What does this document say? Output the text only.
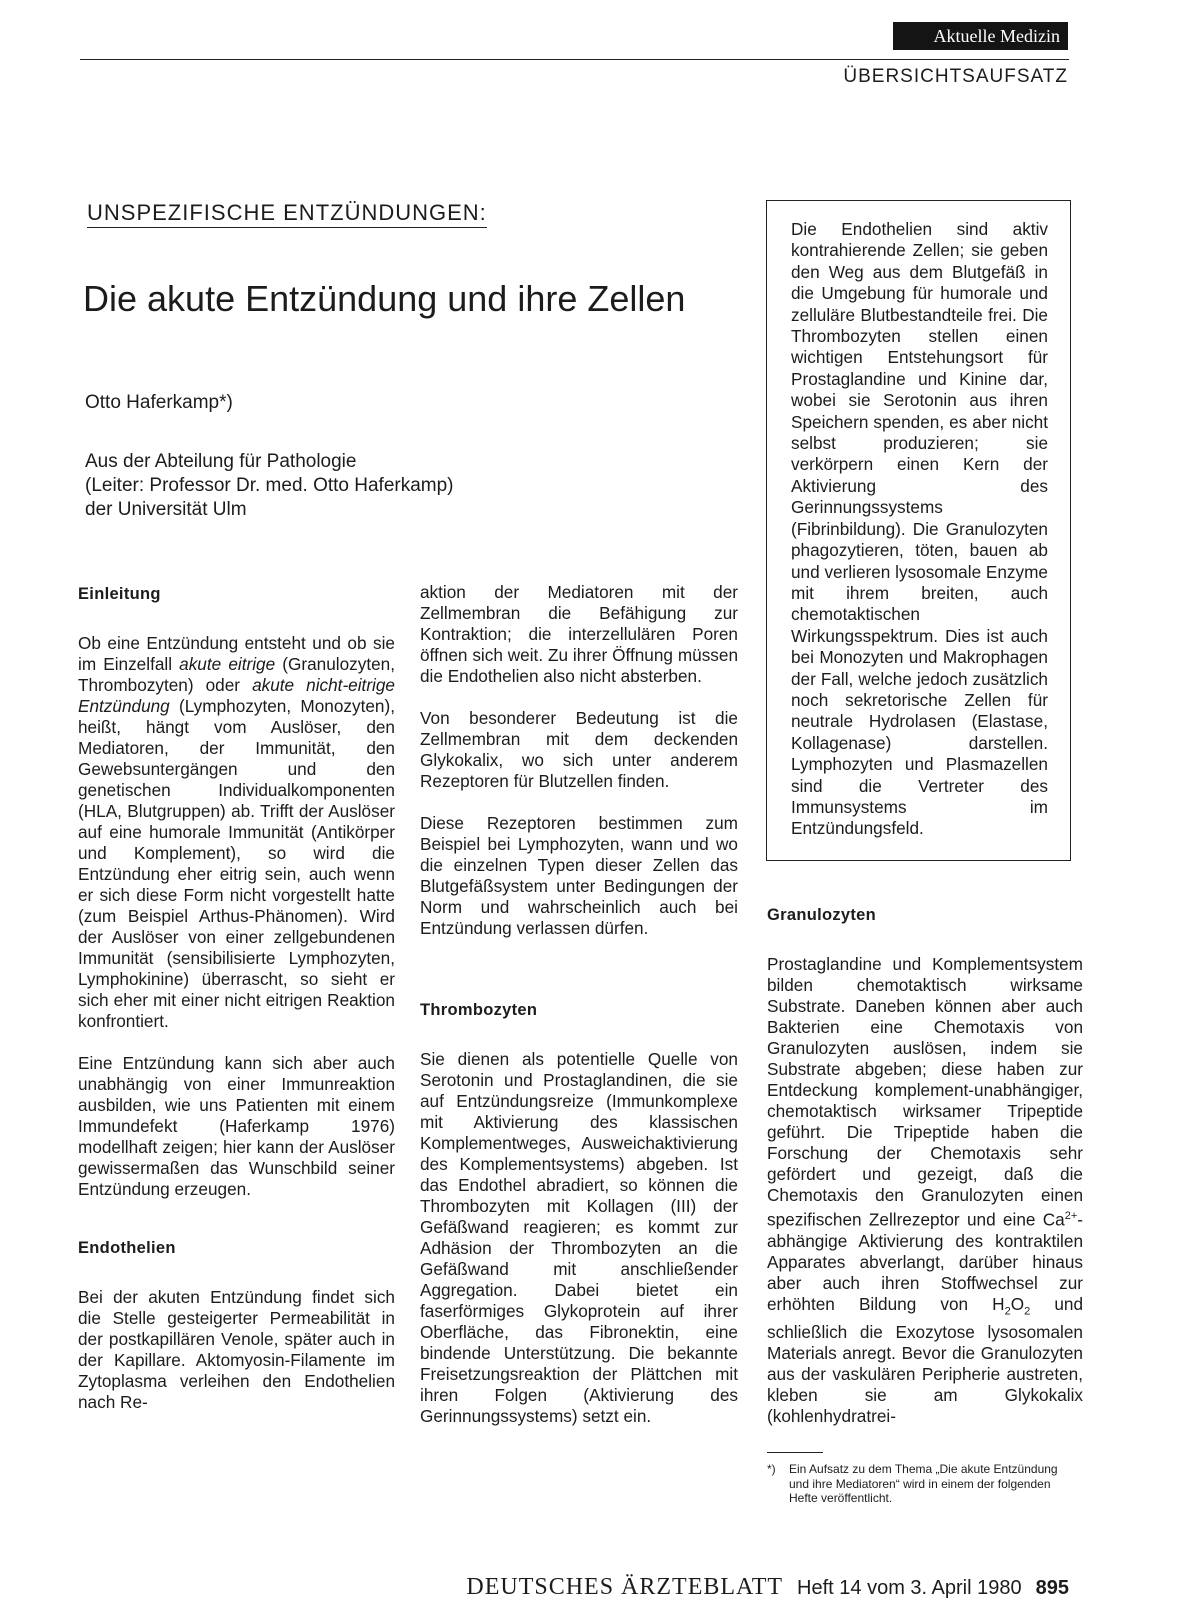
Aktuelle Medizin
ÜBERSICHTSAUFSATZ
UNSPEZIFISCHE ENTZÜNDUNGEN:
Die akute Entzündung und ihre Zellen
Otto Haferkamp*)
Aus der Abteilung für Pathologie
(Leiter: Professor Dr. med. Otto Haferkamp)
der Universität Ulm
Die Endothelien sind aktiv kontrahierende Zellen; sie geben den Weg aus dem Blutgefäß in die Umgebung für humorale und zelluläre Blutbestandteile frei. Die Thrombozyten stellen einen wichtigen Entstehungsort für Prostaglandine und Kinine dar, wobei sie Serotonin aus ihren Speichern spenden, es aber nicht selbst produzieren; sie verkörpern einen Kern der Aktivierung des Gerinnungssystems (Fibrinbildung). Die Granulozyten phagozytieren, töten, bauen ab und verlieren lysosomale Enzyme mit ihrem breiten, auch chemotaktischen Wirkungsspektrum. Dies ist auch bei Monozyten und Makrophagen der Fall, welche jedoch zusätzlich noch sekretorische Zellen für neutrale Hydrolasen (Elastase, Kollagenase) darstellen. Lymphozyten und Plasmazellen sind die Vertreter des Immunsystems im Entzündungsfeld.
Einleitung

Ob eine Entzündung entsteht und ob sie im Einzelfall akute eitrige (Granulozyten, Thrombozyten) oder akute nicht-eitrige Entzündung (Lymphozyten, Monozyten), heißt, hängt vom Auslöser, den Mediatoren, der Immunität, den Gewebsuntergängen und den genetischen Individualkomponenten (HLA, Blutgruppen) ab. Trifft der Auslöser auf eine humorale Immunität (Antikörper und Komplement), so wird die Entzündung eher eitrig sein, auch wenn er sich diese Form nicht vorgestellt hatte (zum Beispiel Arthus-Phänomen). Wird der Auslöser von einer zellgebundenen Immunität (sensibilisierte Lymphozyten, Lymphokinine) überrascht, so sieht er sich eher mit einer nicht eitrigen Reaktion konfrontiert.

Eine Entzündung kann sich aber auch unabhängig von einer Immunreaktion ausbilden, wie uns Patienten mit einem Immundefekt (Haferkamp 1976) modellhaft zeigen; hier kann der Auslöser gewissermaßen das Wunschbild seiner Entzündung erzeugen.

Endothelien

Bei der akuten Entzündung findet sich die Stelle gesteigerter Permeabilität in der postkapillären Venole, später auch in der Kapillare. Aktomyosin-Filamente im Zytoplasma verleihen den Endothelien nach Re-

aktion der Mediatoren mit der Zellmembran die Befähigung zur Kontraktion; die interzellulären Poren öffnen sich weit. Zu ihrer Öffnung müssen die Endothelien also nicht absterben.

Von besonderer Bedeutung ist die Zellmembran mit dem deckenden Glykokalix, wo sich unter anderem Rezeptoren für Blutzellen finden.

Diese Rezeptoren bestimmen zum Beispiel bei Lymphozyten, wann und wo die einzelnen Typen dieser Zellen das Blutgefäßsystem unter Bedingungen der Norm und wahrscheinlich auch bei Entzündung verlassen dürfen.

Thrombozyten

Sie dienen als potentielle Quelle von Serotonin und Prostaglandinen, die sie auf Entzündungsreize (Immunkomplexe mit Aktivierung des klassischen Komplementweges, Ausweichaktivierung des Komplementsystems) abgeben. Ist das Endothel abradiert, so können die Thrombozyten mit Kollagen (III) der Gefäßwand reagieren; es kommt zur Adhäsion der Thrombozyten an die Gefäßwand mit anschließender Aggregation. Dabei bietet ein faserförmiges Glykoprotein auf ihrer Oberfläche, das Fibronektin, eine bindende Unterstützung. Die bekannte Freisetzungsreaktion der Plättchen mit ihren Folgen (Aktivierung des Gerinnungssystems) setzt ein.

Granulozyten

Prostaglandine und Komplementsystem bilden chemotaktisch wirksame Substrate. Daneben können aber auch Bakterien eine Chemotaxis von Granulozyten auslösen, indem sie Substrate abgeben; diese haben zur Entdeckung komplement-unabhängiger, chemotaktisch wirksamer Tripeptide geführt. Die Tripeptide haben die Forschung der Chemotaxis sehr gefördert und gezeigt, daß die Chemotaxis den Granulozyten einen spezifischen Zellrezeptor und eine $Ca^{2+}$-abhängige Aktivierung des kontraktilen Apparates abverlangt, darüber hinaus aber auch ihren Stoffwechsel zur erhöhten Bildung von $H_2O_2$ und schließlich die Exozytose lysosomalen Materials anregt. Bevor die Granulozyten aus der vaskulären Peripherie austreten, kleben sie am Glykokalix (kohlenhydratrei-

*)	Ein Aufsatz zu dem Thema „Die akute Entzündung und ihre Mediatoren“ wird in einem der folgenden Hefte veröffentlicht.
DEUTSCHES ÄRZTEBLATT Heft 14 vom 3. April 1980 895
